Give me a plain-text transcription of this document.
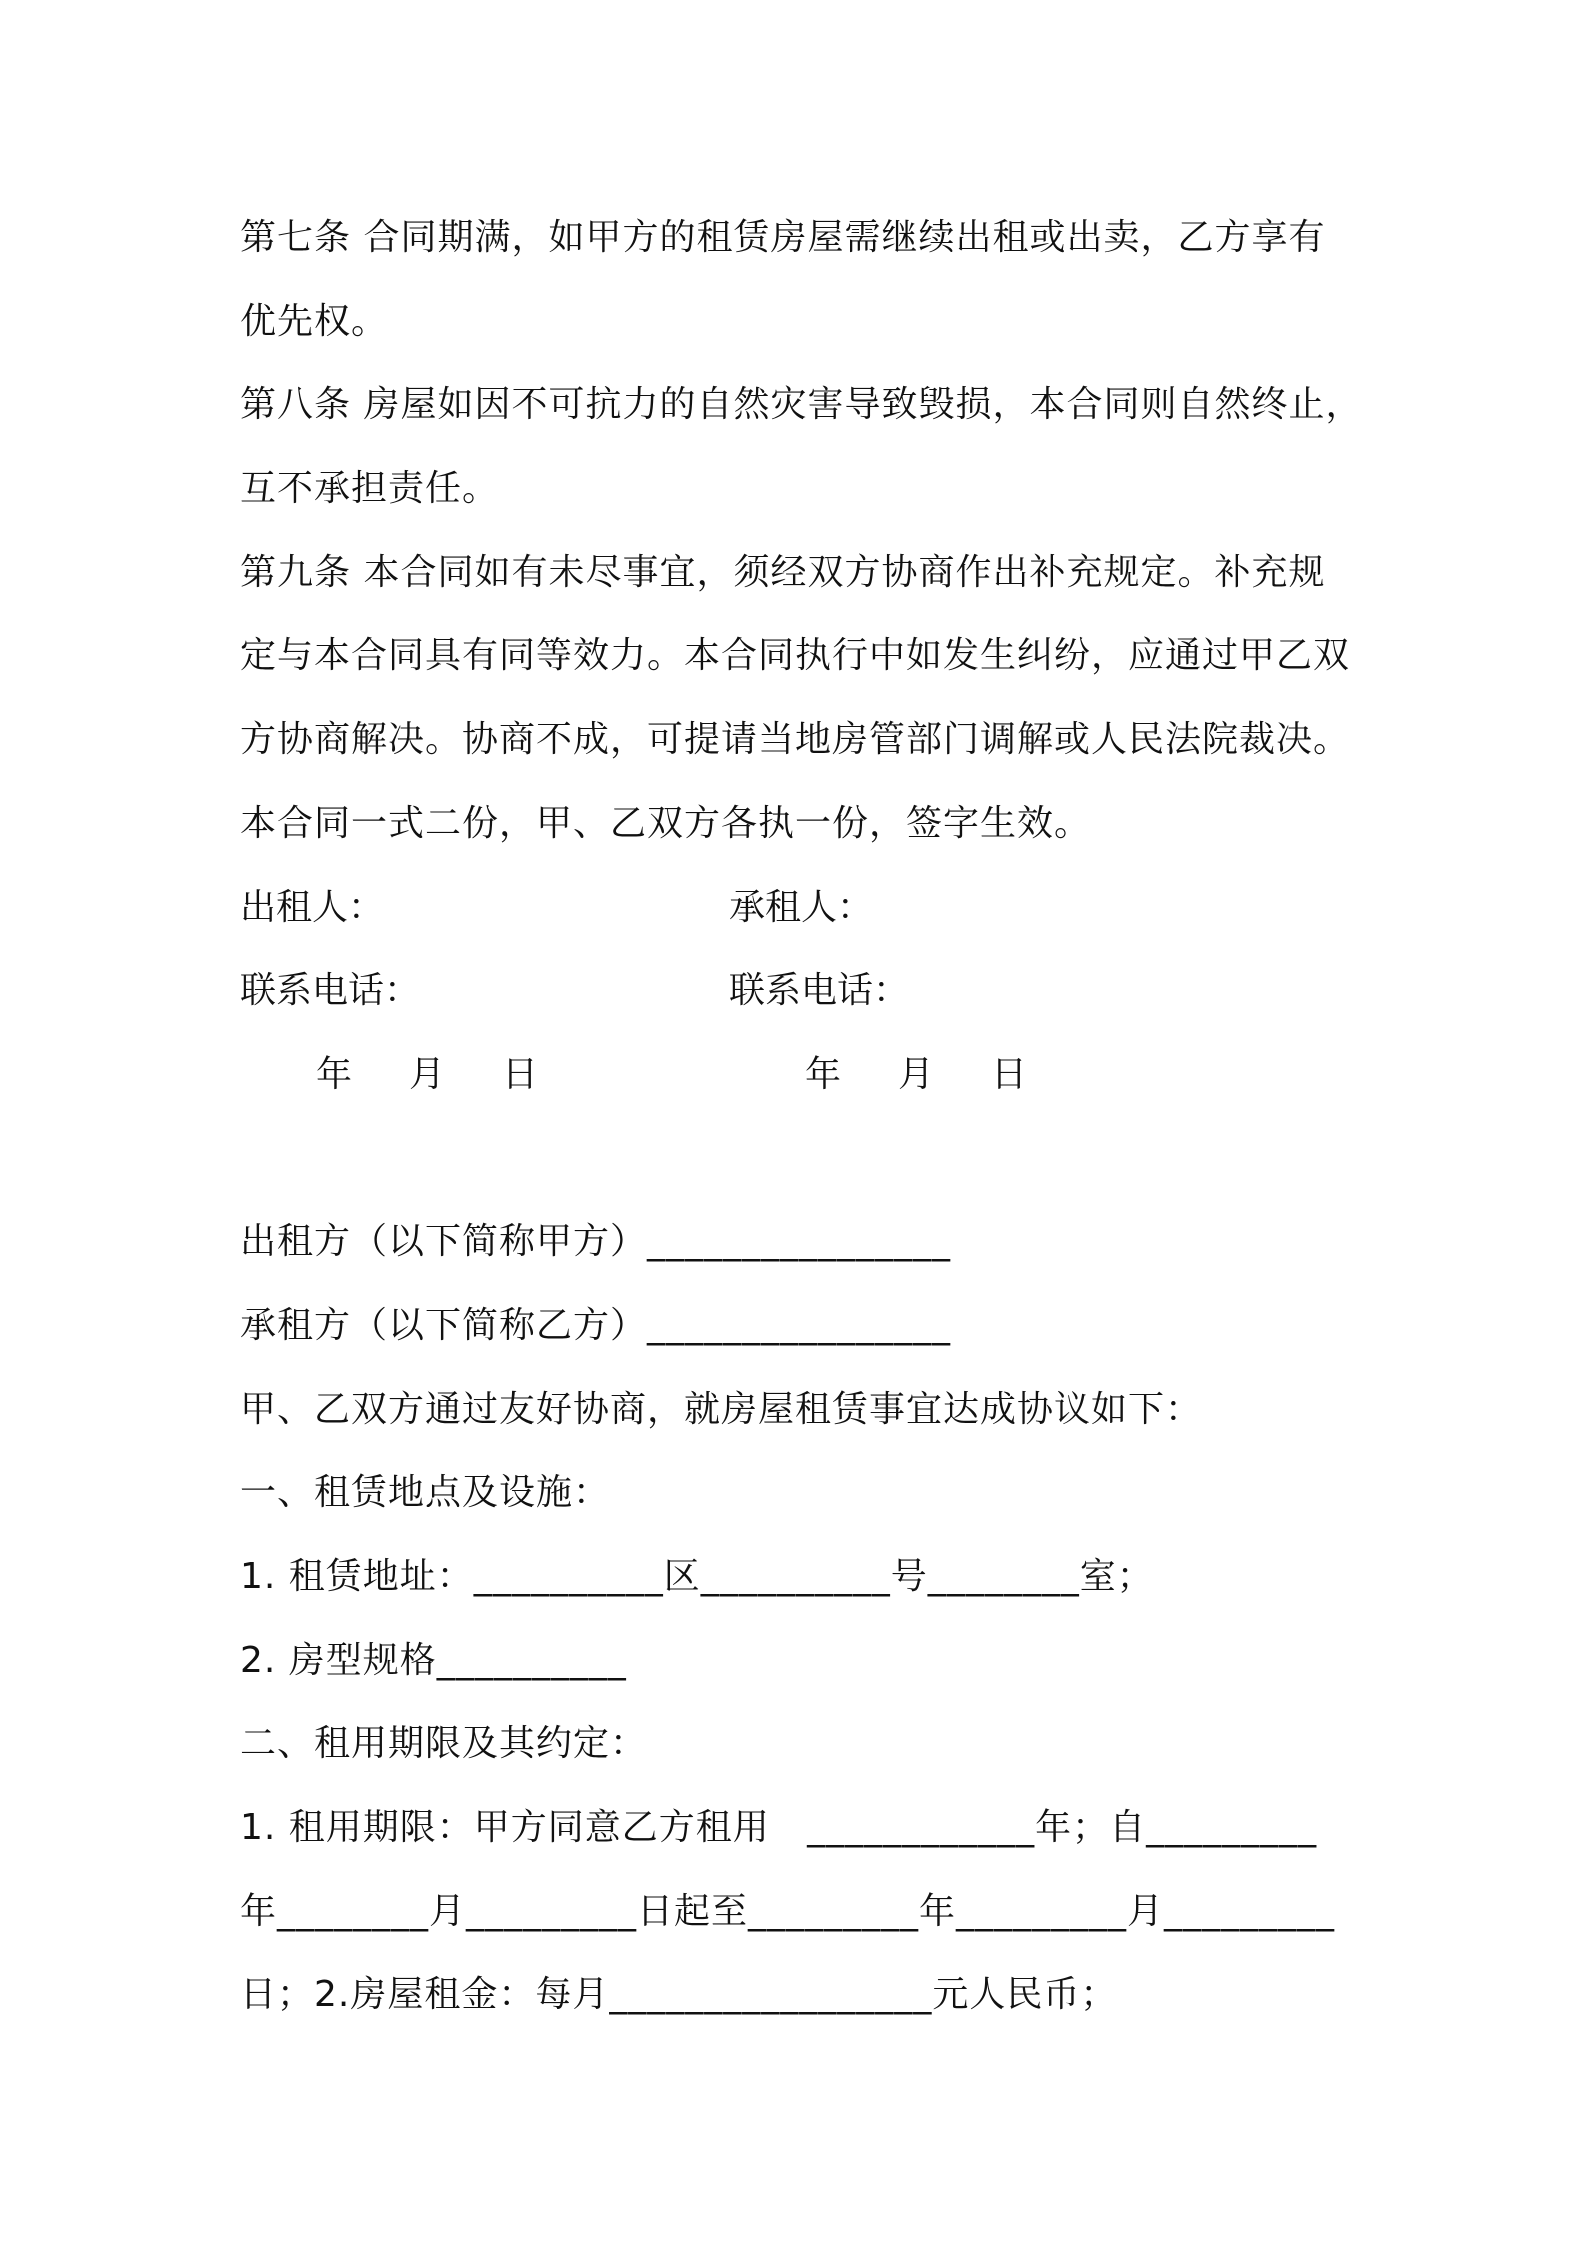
第七条 合同期满，如甲方的租赁房屋需继续出租或出卖，乙方享有
优先权。
第八条 房屋如因不可抗力的自然灾害导致毁损，本合同则自然终止，
互不承担责任。
第九条 本合同如有未尽事宜，须经双方协商作出补充规定。补充规
定与本合同具有同等效力。本合同执行中如发生纠纷，应通过甲乙双
方协商解决。协商不成，可提请当地房管部门调解或人民法院裁决。
本合同一式二份，甲、乙双方各执一份，签字生效。
出租人：	承租人：
联系电话：	联系电话：
年 月 日	年 月 日
出租方（以下简称甲方）________________
承租方（以下简称乙方）________________
甲、乙双方通过友好协商，就房屋租赁事宜达成协议如下：
一、租赁地点及设施：
1. 租赁地址：__________区__________号________室；
2. 房型规格__________
二、租用期限及其约定：
1. 租用期限：甲方同意乙方租用   ____________年；自_________
年________月_________日起至_________年_________月_________
日；2.房屋租金：每月_________________元人民币；
